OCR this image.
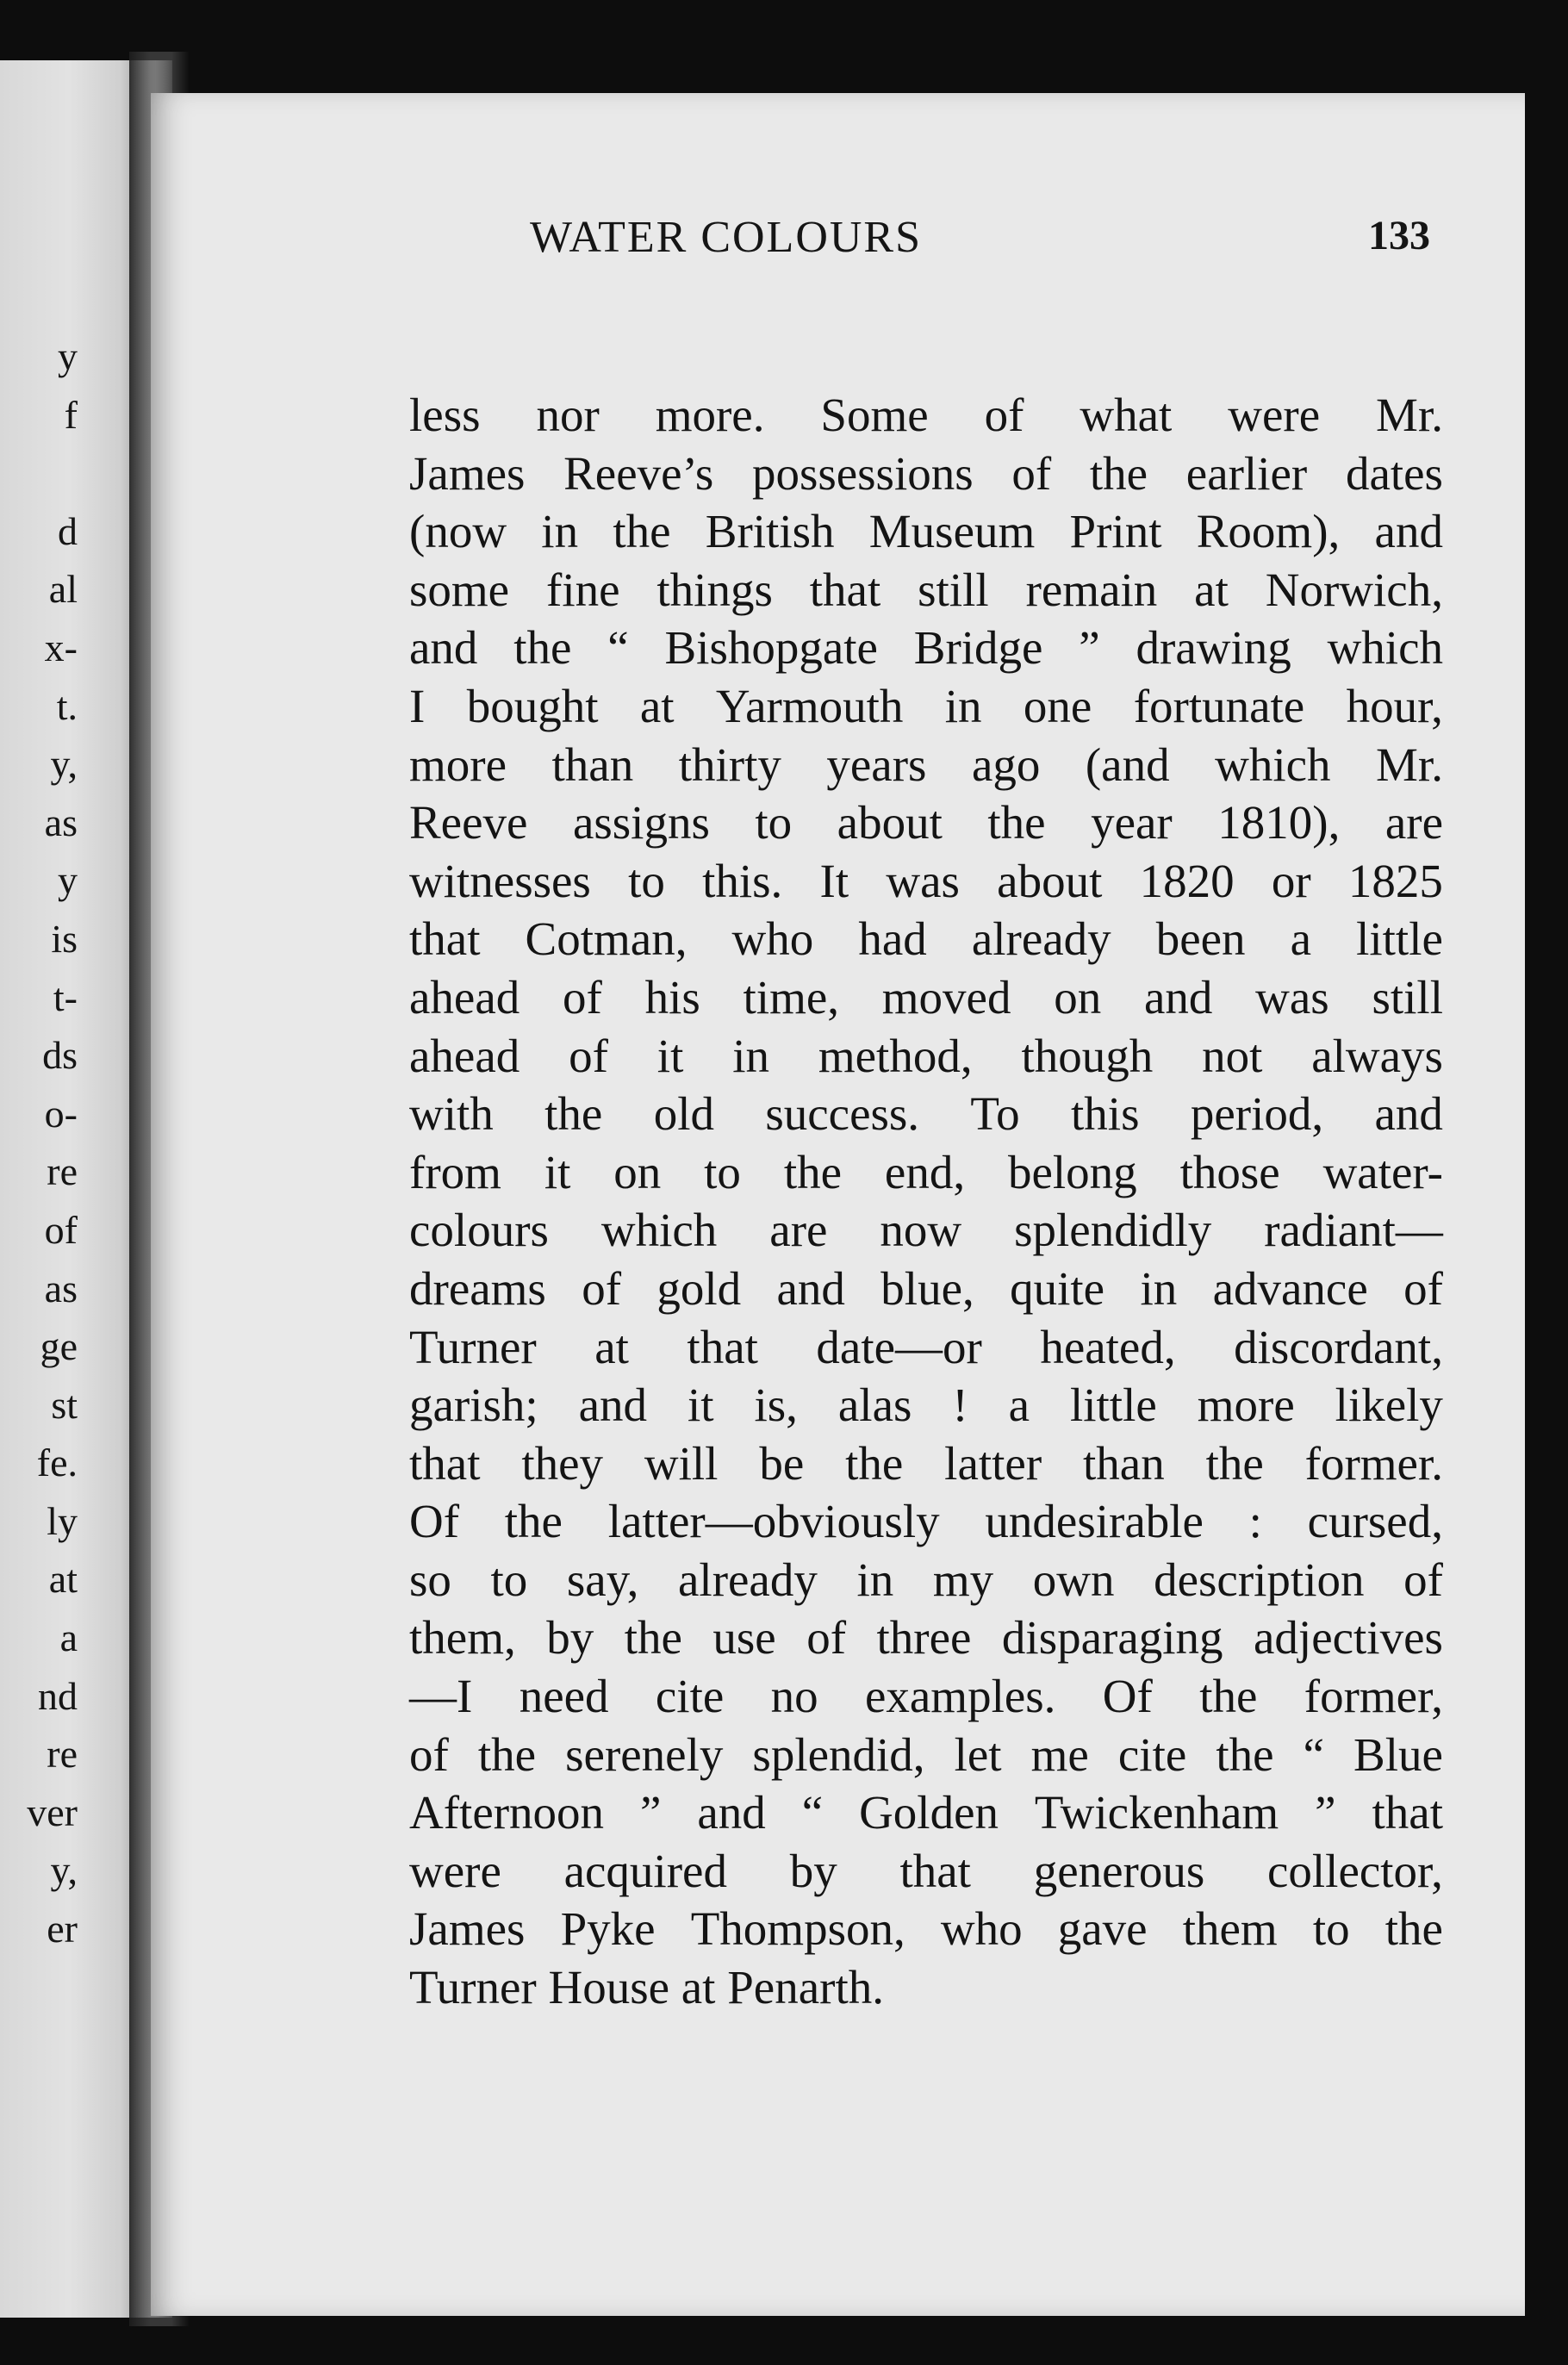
y
f
d
al
x-
t.
y,
as
y
is
t-
ds
o-
re
of
as
ge
st
fe.
ly
at
a
nd
re
ver
y,
er
WATER COLOURS	133
less nor more. Some of what were Mr.
James Reeve’s possessions of the earlier dates
(now in the British Museum Print Room), and
some fine things that still remain at Norwich,
and the “ Bishopgate Bridge ” drawing which
I bought at Yarmouth in one fortunate hour,
more than thirty years ago (and which Mr.
Reeve assigns to about the year 1810), are
witnesses to this. It was about 1820 or 1825
that Cotman, who had already been a little
ahead of his time, moved on and was still
ahead of it in method, though not always
with the old success. To this period, and
from it on to the end, belong those water-
colours which are now splendidly radiant—
dreams of gold and blue, quite in advance of
Turner at that date—or heated, discordant,
garish; and it is, alas ! a little more likely
that they will be the latter than the former.
Of the latter—obviously undesirable : cursed,
so to say, already in my own description of
them, by the use of three disparaging adjectives
—I need cite no examples. Of the former,
of the serenely splendid, let me cite the “ Blue
Afternoon ” and “ Golden Twickenham ” that
were acquired by that generous collector,
James Pyke Thompson, who gave them to the
Turner House at Penarth.
